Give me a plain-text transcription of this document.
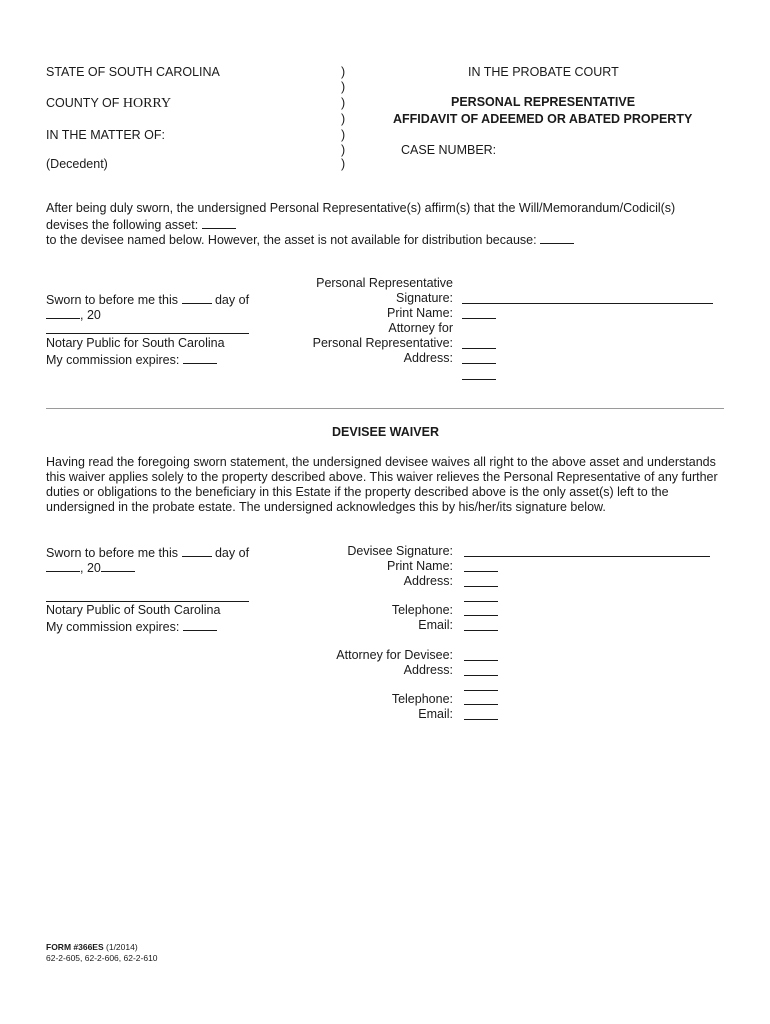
STATE OF SOUTH CAROLINA
COUNTY OF HORRY
IN THE MATTER OF:
(Decedent)
)
)
)
)
)
)
)
IN THE PROBATE COURT
PERSONAL REPRESENTATIVE
AFFIDAVIT OF ADEEMED OR ABATED PROPERTY
CASE NUMBER:
After being duly sworn, the undersigned Personal Representative(s) affirm(s) that the Will/Memorandum/Codicil(s)
devises the following asset:
to the devisee named below. However, the asset is not available for distribution because:
Sworn to before me this	day of
, 20
Notary Public for South Carolina
My commission expires:
Personal Representative
Signature:
Print Name:
Attorney for
Personal Representative:
Address:
DEVISEE WAIVER
Having read the foregoing sworn statement, the undersigned devisee waives all right to the above asset and understands
this waiver applies solely to the property described above. This waiver relieves the Personal Representative of any further
duties or obligations to the beneficiary in this Estate if the property described above is the only asset(s) left to the
undersigned in the probate estate. The undersigned acknowledges this by his/her/its signature below.
Sworn to before me this	day of
, 20
Notary Public of South Carolina
My commission expires:
Devisee Signature:
Print Name:
Address:
Telephone:
Email:
Attorney for Devisee:
Address:
Telephone:
Email:
FORM #366ES (1/2014)
62-2-605, 62-2-606, 62-2-610
